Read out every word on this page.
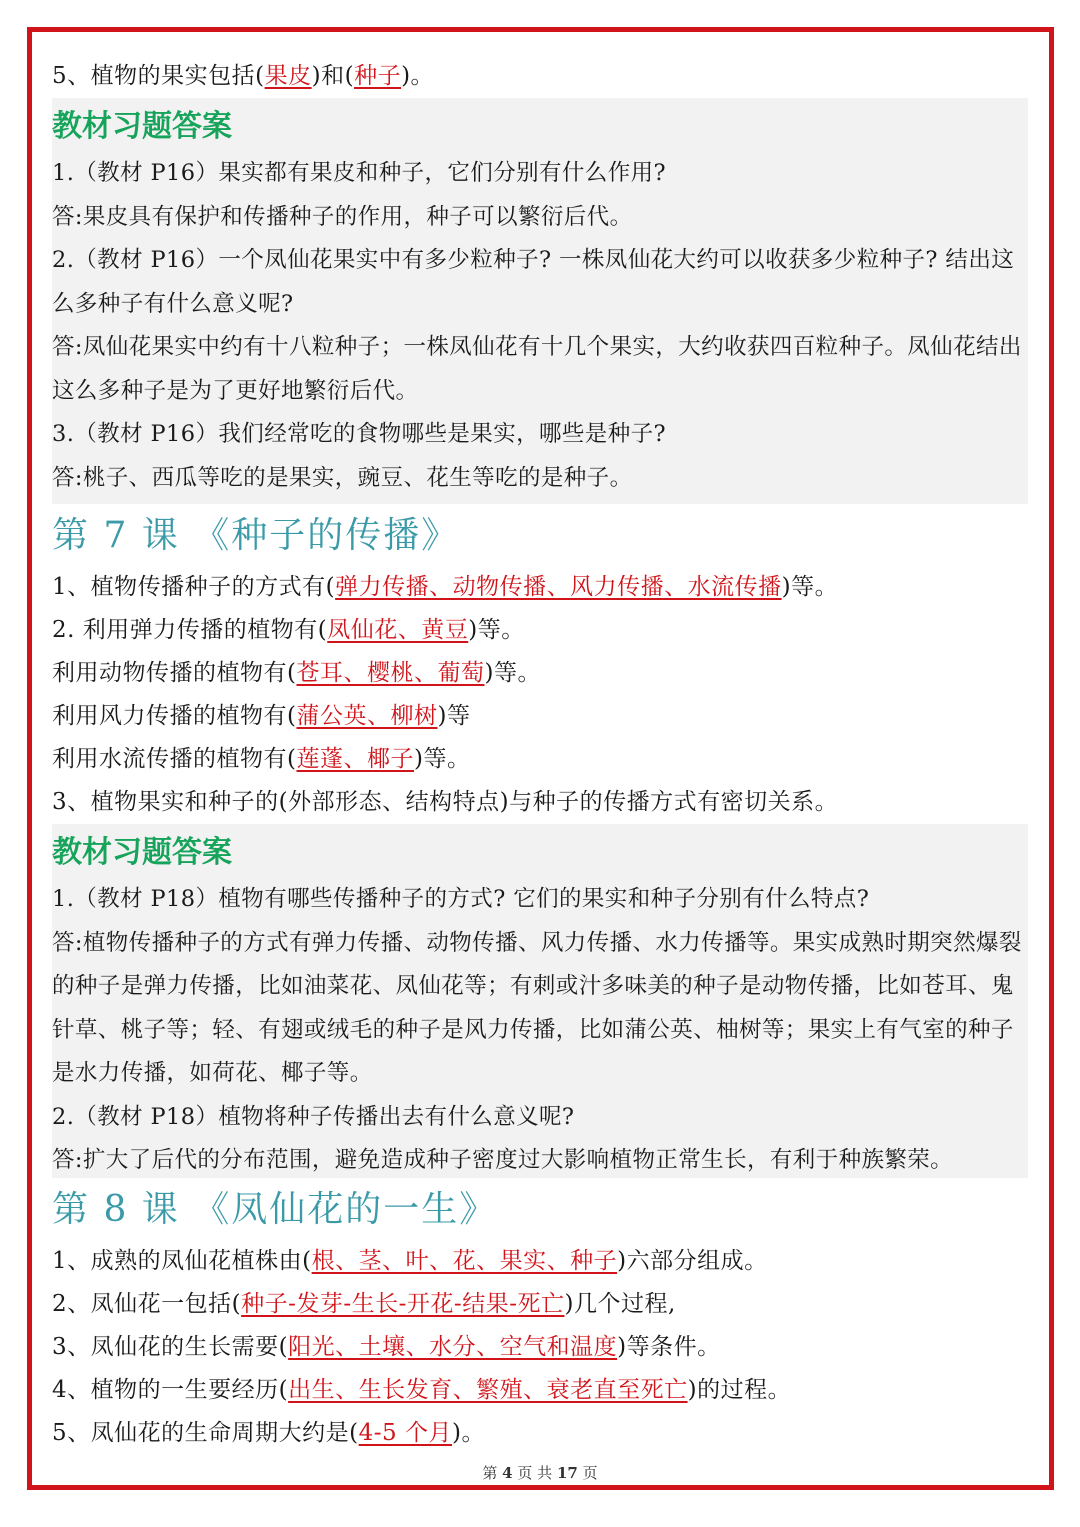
5、植物的果实包括(果皮)和(种子)。
教材习题答案
1.（教材 P16）果实都有果皮和种子，它们分别有什么作用?
答:果皮具有保护和传播种子的作用，种子可以繁衍后代。
2.（教材 P16）一个凤仙花果实中有多少粒种子? 一株凤仙花大约可以收获多少粒种子? 结出这么多种子有什么意义呢?
答:凤仙花果实中约有十八粒种子；一株凤仙花有十几个果实，大约收获四百粒种子。凤仙花结出这么多种子是为了更好地繁衍后代。
3.（教材 P16）我们经常吃的食物哪些是果实，哪些是种子?
答:桃子、西瓜等吃的是果实，豌豆、花生等吃的是种子。
第 7 课 《种子的传播》
1、植物传播种子的方式有(弹力传播、动物传播、风力传播、水流传播)等。
2. 利用弹力传播的植物有(凤仙花、黄豆)等。
利用动物传播的植物有(苍耳、樱桃、葡萄)等。
利用风力传播的植物有(蒲公英、柳树)等
利用水流传播的植物有(莲蓬、椰子)等。
3、植物果实和种子的(外部形态、结构特点)与种子的传播方式有密切关系。
教材习题答案
1.（教材 P18）植物有哪些传播种子的方式? 它们的果实和种子分别有什么特点?
答:植物传播种子的方式有弹力传播、动物传播、风力传播、水力传播等。果实成熟时期突然爆裂的种子是弹力传播，比如油菜花、凤仙花等；有刺或汁多味美的种子是动物传播，比如苍耳、鬼针草、桃子等；轻、有翅或绒毛的种子是风力传播，比如蒲公英、柚树等；果实上有气室的种子是水力传播，如荷花、椰子等。
2.（教材 P18）植物将种子传播出去有什么意义呢?
答:扩大了后代的分布范围，避免造成种子密度过大影响植物正常生长，有利于种族繁荣。
第 8 课 《凤仙花的一生》
1、成熟的凤仙花植株由(根、茎、叶、花、果实、种子)六部分组成。
2、凤仙花一包括(种子-发芽-生长-开花-结果-死亡)几个过程,
3、凤仙花的生长需要(阳光、土壤、水分、空气和温度)等条件。
4、植物的一生要经历(出生、生长发育、繁殖、衰老直至死亡)的过程。
5、凤仙花的生命周期大约是(4-5 个月)。
第 4 页 共 17 页
